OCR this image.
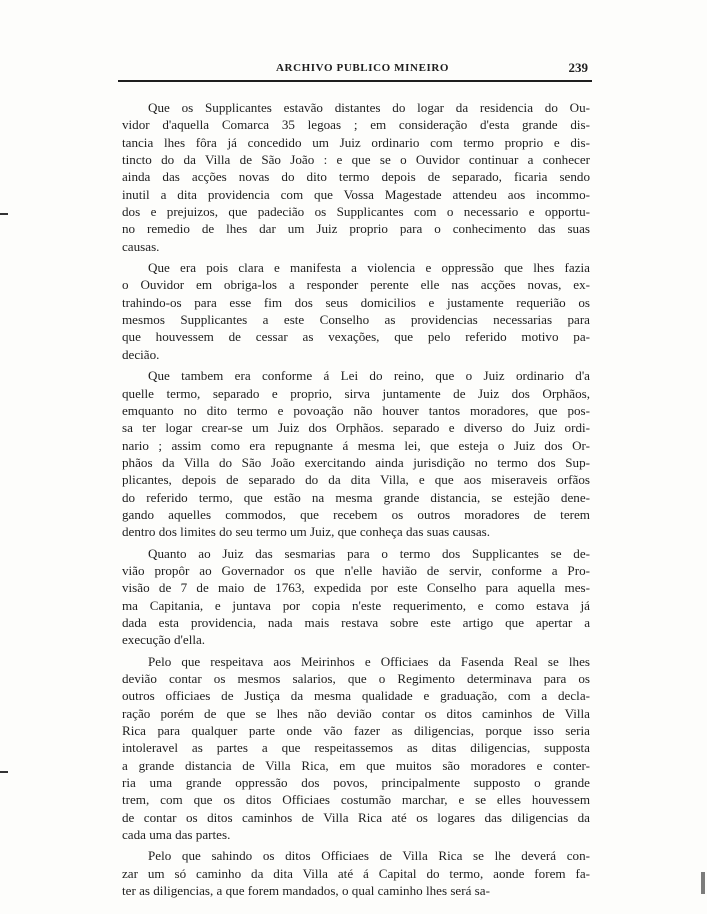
ARCHIVO PUBLICO MINEIRO	239
Que os Supplicantes estavão distantes do logar da residencia do Ou-
vidor d'aquella Comarca 35 legoas ; em consideração d'esta grande dis-
tancia lhes fôra já concedido um Juiz ordinario com termo proprio e dis-
tincto do da Villa de São João : e que se o Ouvidor continuar a conhecer
ainda das acções novas do dito termo depois de separado, ficaria sendo
inutil a dita providencia com que Vossa Magestade attendeu aos incommo-
dos e prejuizos, que padecião os Supplicantes com o necessario e opportu-
no remedio de lhes dar um Juiz proprio para o conhecimento das suas
causas.
Que era pois clara e manifesta a violencia e oppressão que lhes fazia
o Ouvidor em obriga-los a responder perente elle nas acções novas, ex-
trahindo-os para esse fim dos seus domicilios e justamente requerião os
mesmos Supplicantes a este Conselho as providencias necessarias para
que houvessem de cessar as vexações, que pelo referido motivo pa-
decião.
Que tambem era conforme á Lei do reino, que o Juiz ordinario d'a
quelle termo, separado e proprio, sirva juntamente de Juiz dos Orphãos,
emquanto no dito termo e povoação não houver tantos moradores, que pos-
sa ter logar crear-se um Juiz dos Orphãos. separado e diverso do Juiz ordi-
nario ; assim como era repugnante á mesma lei, que esteja o Juiz dos Or-
phãos da Villa do São João exercitando ainda jurisdição no termo dos Sup-
plicantes, depois de separado do da dita Villa, e que aos miseraveis orfãos
do referido termo, que estão na mesma grande distancia, se estejão dene-
gando aquelles commodos, que recebem os outros moradores de terem
dentro dos limites do seu termo um Juiz, que conheça das suas causas.
Quanto ao Juiz das sesmarias para o termo dos Supplicantes se de-
vião propôr ao Governador os que n'elle havião de servir, conforme a Pro-
visão de 7 de maio de 1763, expedida por este Conselho para aquella mes-
ma Capitania, e juntava por copia n'este requerimento, e como estava já
dada esta providencia, nada mais restava sobre este artigo que apertar a
execução d'ella.
Pelo que respeitava aos Meirinhos e Officiaes da Fasenda Real se lhes
devião contar os mesmos salarios, que o Regimento determinava para os
outros officiaes de Justiça da mesma qualidade e graduação, com a decla-
ração porém de que se lhes não devião contar os ditos caminhos de Villa
Rica para qualquer parte onde vão fazer as diligencias, porque isso seria
intoleravel as partes a que respeitassemos as ditas diligencias, supposta
a grande distancia de Villa Rica, em que muitos são moradores e conter-
ria uma grande oppressão dos povos, principalmente supposto o grande
trem, com que os ditos Officiaes costumão marchar, e se elles houvessem
de contar os ditos caminhos de Villa Rica até os logares das diligencias da
cada uma das partes.
Pelo que sahindo os ditos Officiaes de Villa Rica se lhe deverá con-
zar um só caminho da dita Villa até á Capital do termo, aonde forem fa-
ter as diligencias, a que forem mandados, o qual caminho lhes será sa-
